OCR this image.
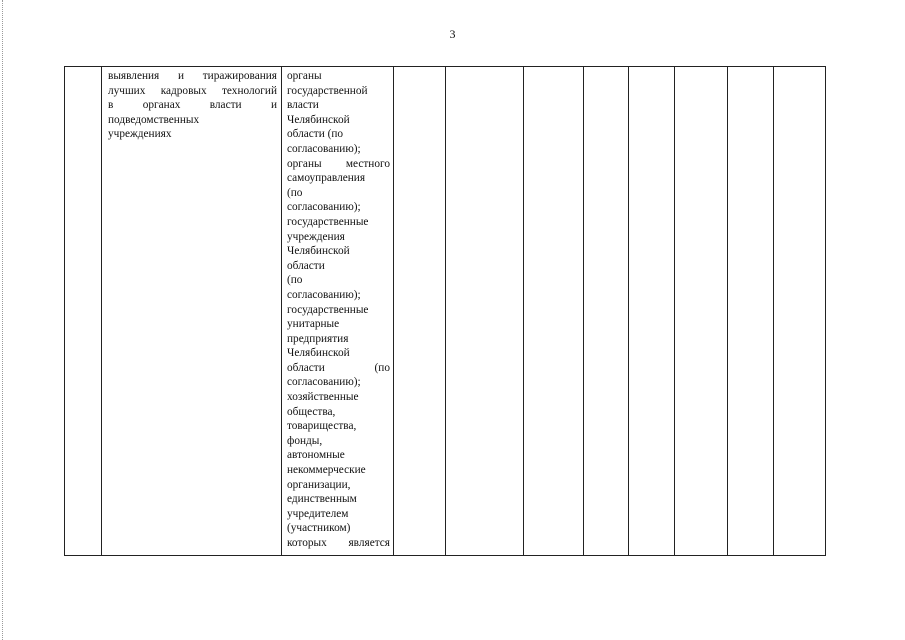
3

выявления и тиражирования
лучших кадровых технологий
в органах власти и
подведомственных
учреждениях

органы
государственной
власти
Челябинской
области (по
согласованию);
органы местного
самоуправления
(по
согласованию);
государственные
учреждения
Челябинской
области
(по
согласованию);
государственные
унитарные
предприятия
Челябинской
области (по
согласованию);
хозяйственные
общества,
товарищества,
фонды,
автономные
некоммерческие
организации,
единственным
учредителем
(участником)
которых является
